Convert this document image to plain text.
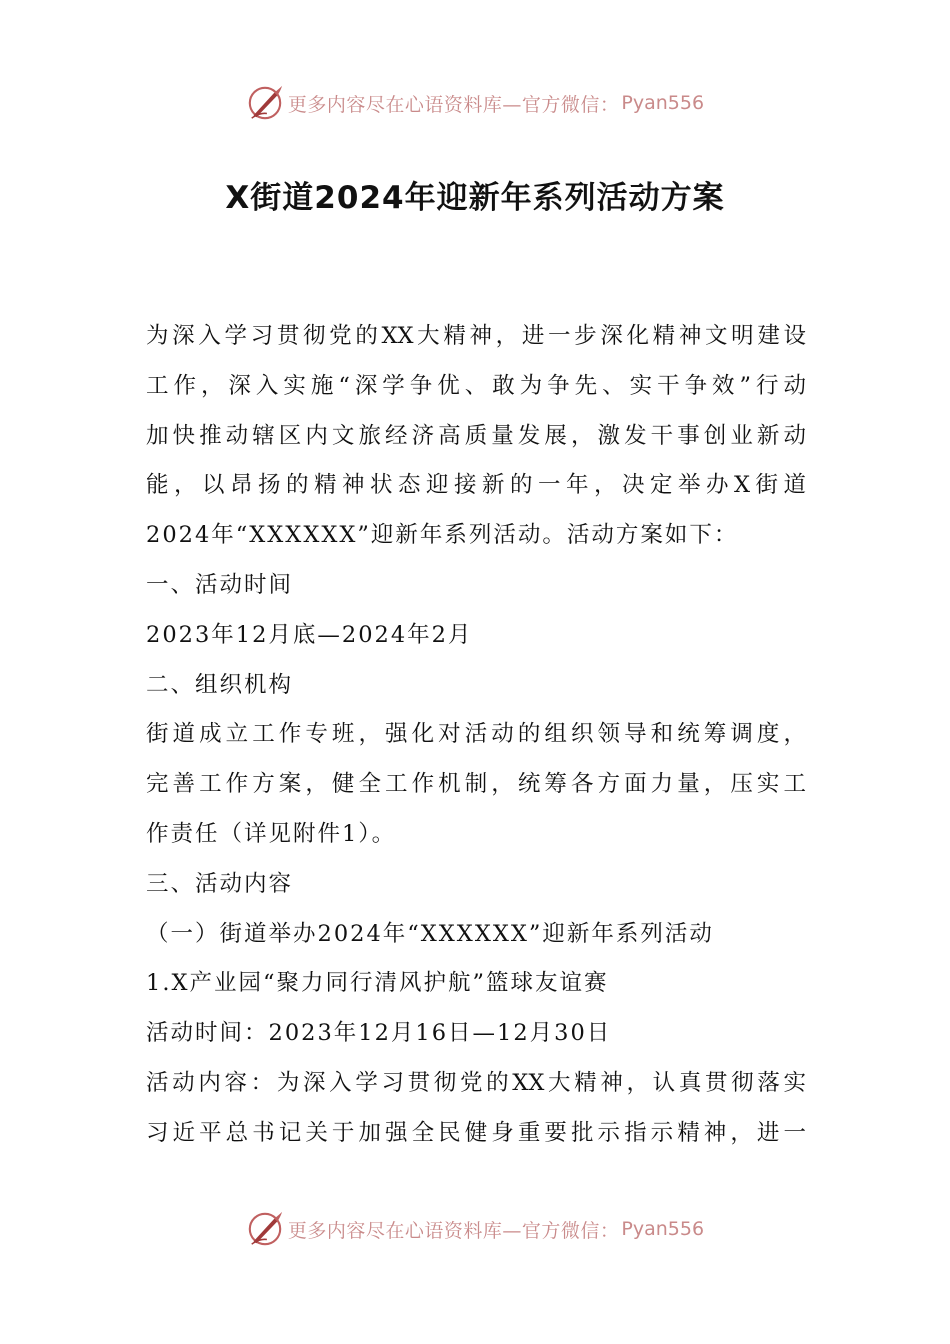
更多内容尽在心语资料库—官方微信： Pyan556
X街道2024年迎新年系列活动方案
为深入学习贯彻党的XX大精神，进一步深化精神文明建设
工作，深入实施“深学争优、敢为争先、实干争效”行动
加快推动辖区内文旅经济高质量发展，激发干事创业新动
能，以昂扬的精神状态迎接新的一年，决定举办X街道
2024年“XXXXXX”迎新年系列活动。活动方案如下：
一、活动时间
2023年12月底—2024年2月
二、组织机构
街道成立工作专班，强化对活动的组织领导和统筹调度，
完善工作方案，健全工作机制，统筹各方面力量，压实工
作责任（详见附件1）。
三、活动内容
（一）街道举办2024年“XXXXXX”迎新年系列活动
1.X产业园“聚力同行清风护航”篮球友谊赛
活动时间：2023年12月16日—12月30日
活动内容：为深入学习贯彻党的XX大精神，认真贯彻落实
习近平总书记关于加强全民健身重要批示指示精神，进一
更多内容尽在心语资料库—官方微信： Pyan556
